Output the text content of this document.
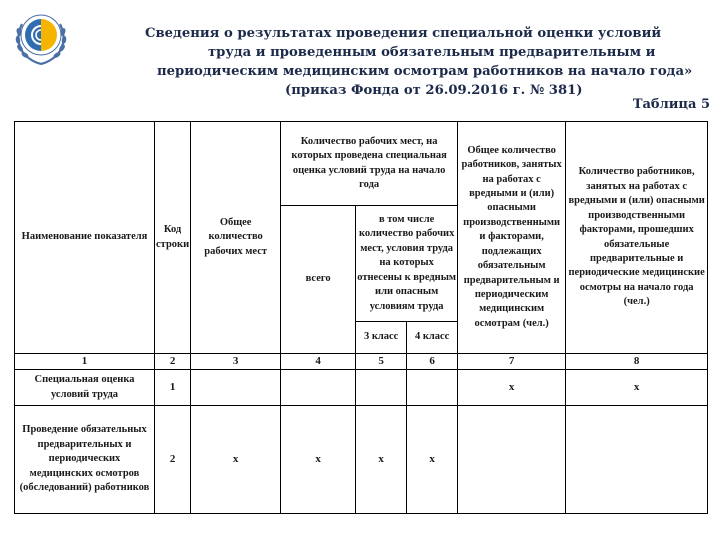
Сведения о результатах проведения специальной оценки условий
труда и проведенным обязательным предварительным и
периодическим медицинским осмотрам работников на начало года»
(приказ Фонда от 26.09.2016 г. № 381)
Таблица 5
Наименование показателя	Код строки	Общее количество рабочих мест	Количество рабочих мест, на которых проведена специальная оценка условий труда на начало года			Общее количество работников, занятых на работах с вредными и (или) опасными производственными и факторами, подлежащих обязательным предварительным и периодическим медицинским осмотрам (чел.)	Количество работников, занятых на работах с вредными и (или) опасными производственными факторами, прошедших обязательные предварительные и периодические медицинские осмотры на начало года (чел.)
			всего	в том числе количество рабочих мест, условия труда на которых отнесены к вредным или опасным условиям труда			
				3 класс	4 класс		
1	2	3	4	5	6	7	8
Специальная оценка условий труда	1					x	x
Проведение обязательных предварительных и периодических медицинских осмотров (обследований) работников	2	x	x	x	x		
